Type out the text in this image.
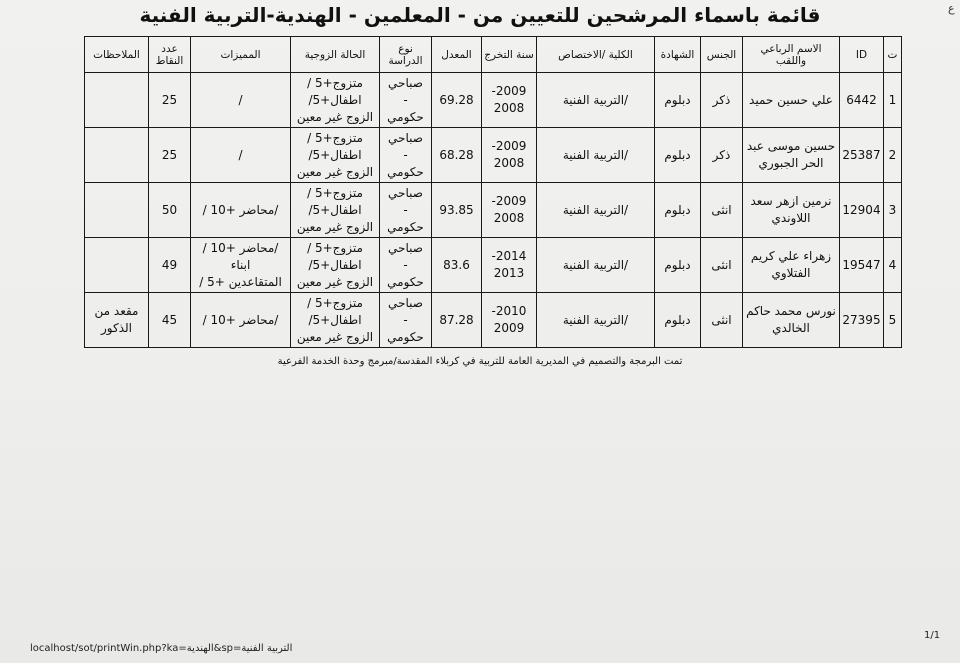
ع
قائمة باسماء المرشحين للتعيين من - المعلمين - الهندية-التربية الفنية
ت	ID	الاسم الرباعي واللقب	الجنس	الشهادة	الكلية /الاختصاص	سنة التخرج	المعدل	نوع الدراسة	الحالة الزوجية	المميزات	عدد النقاط	الملاحظات
1	6442	علي حسين حميد	ذكر	دبلوم	/التربية الفنية	2009-
2008	69.28	صباحي
-
حكومي	متزوج+5 /
اطفال+5/
الزوج غير معين	/	25	
2	25387	حسين موسى عبد
الحر الجبوري	ذكر	دبلوم	/التربية الفنية	2009-
2008	68.28	صباحي
-
حكومي	متزوج+5 /
اطفال+5/
الزوج غير معين	/	25	
3	12904	نرمين ازهر سعد
اللاوندي	انثى	دبلوم	/التربية الفنية	2009-
2008	93.85	صباحي
-
حكومي	متزوج+5 /
اطفال+5/
الزوج غير معين	/محاضر +10 /	50	
4	19547	زهراء علي كريم
الفتلاوي	انثى	دبلوم	/التربية الفنية	2014-
2013	83.6	صباحي
-
حكومي	متزوج+5 /
اطفال+5/
الزوج غير معين	/محاضر +10 /ابناء
المتقاعدين +5 /	49	
5	27395	نورس محمد حاكم
الخالدي	انثى	دبلوم	/التربية الفنية	2010-
2009	87.28	صباحي
-
حكومي	متزوج+5 /
اطفال+5/
الزوج غير معين	/محاضر +10 /	45	مقعد من
الذكور
تمت البرمجة والتصميم في المديرية العامة للتربية في كربلاء المقدسة/مبرمج وحدة الخدمة الفرعية
1/1
localhost/sot/printWin.php?ka=الهندية&sp=التربية الفنية
